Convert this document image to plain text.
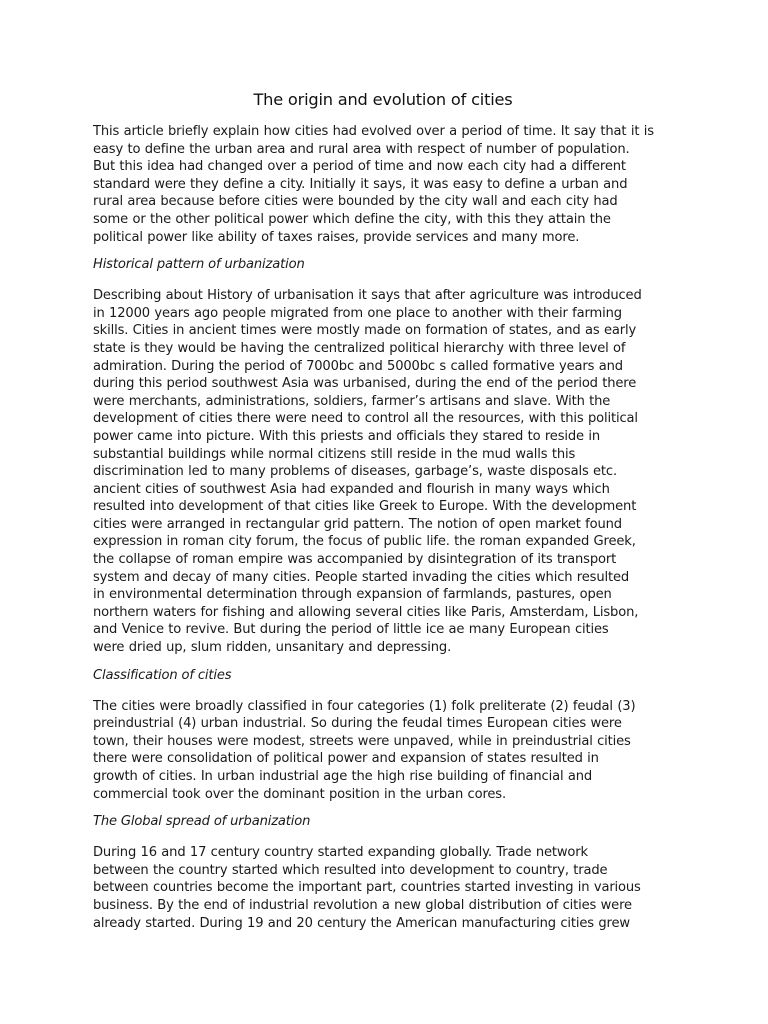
The origin and evolution of cities

This article briefly explain how cities had evolved over a period of time. It say that it is
easy to define the urban area and rural area with respect of number of population.
But this idea had changed over a period of time and now each city had a different
standard were they define a city. Initially it says, it was easy to define a urban and
rural area because before cities were bounded by the city wall and each city had
some or the other political power which define the city, with this they attain the
political power like ability of taxes raises, provide services and many more.

Historical pattern of urbanization

Describing about History of urbanisation it says that after agriculture was introduced
in 12000 years ago people migrated from one place to another with their farming
skills. Cities in ancient times were mostly made on formation of states, and as early
state is they would be having the centralized political hierarchy with three level of
admiration. During the period of 7000bc and 5000bc s called formative years and
during this period southwest Asia was urbanised, during the end of the period there
were merchants, administrations, soldiers, farmer’s artisans and slave. With the
development of cities there were need to control all the resources, with this political
power came into picture. With this priests and officials they stared to reside in
substantial buildings while normal citizens still reside in the mud walls this
discrimination led to many problems of diseases, garbage’s, waste disposals etc.
ancient cities of southwest Asia had expanded and flourish in many ways which
resulted into development of that cities like Greek to Europe. With the development
cities were arranged in rectangular grid pattern. The notion of open market found
expression in roman city forum, the focus of public life. the roman expanded Greek,
the collapse of roman empire was accompanied by disintegration of its transport
system and decay of many cities. People started invading the cities which resulted
in environmental determination through expansion of farmlands, pastures, open
northern waters for fishing and allowing several cities like Paris, Amsterdam, Lisbon,
and Venice to revive. But during the period of little ice ae many European cities
were dried up, slum ridden, unsanitary and depressing.

Classification of cities

The cities were broadly classified in four categories (1) folk preliterate (2) feudal (3)
preindustrial (4) urban industrial. So during the feudal times European cities were
town, their houses were modest, streets were unpaved, while in preindustrial cities
there were consolidation of political power and expansion of states resulted in
growth of cities. In urban industrial age the high rise building of financial and
commercial took over the dominant position in the urban cores.

The Global spread of urbanization

During 16 and 17 century country started expanding globally. Trade network
between the country started which resulted into development to country, trade
between countries become the important part, countries started investing in various
business. By the end of industrial revolution a new global distribution of cities were
already started. During 19 and 20 century the American manufacturing cities grew
